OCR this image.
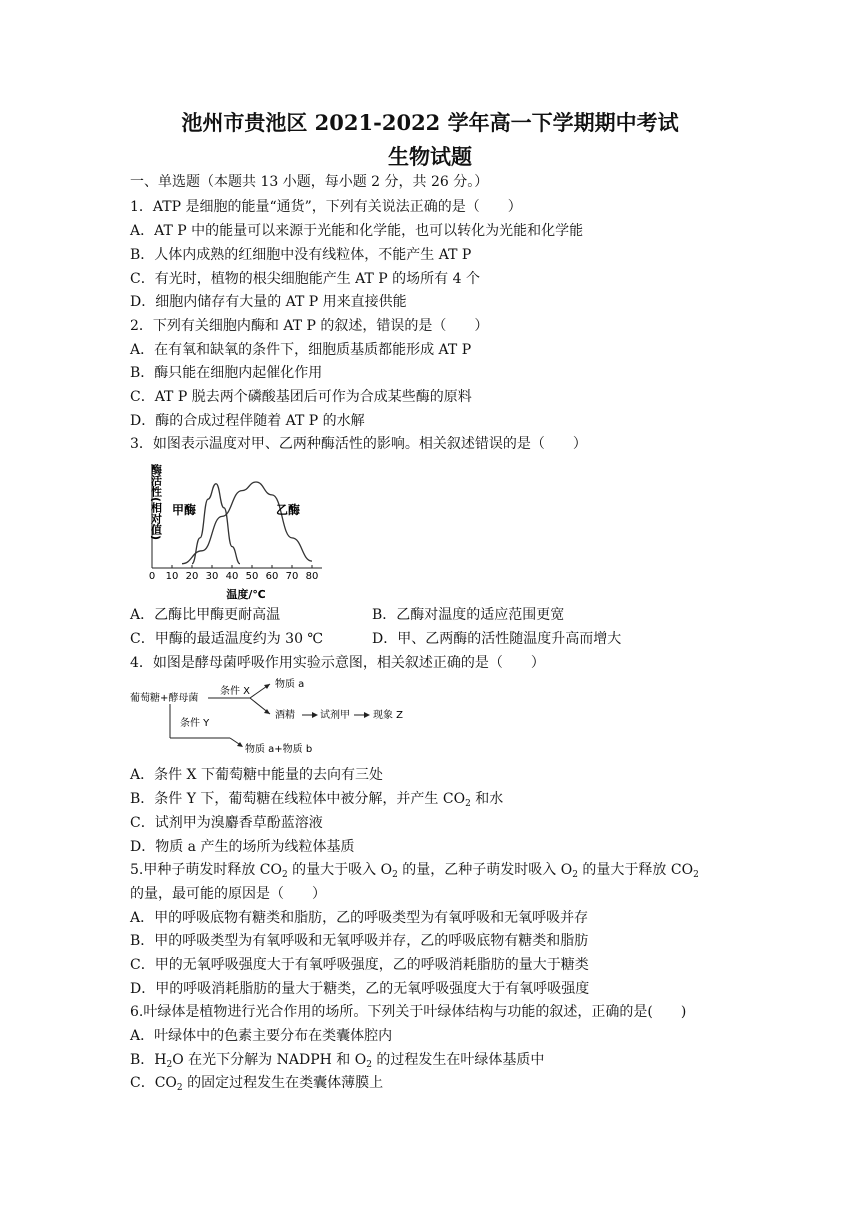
池州市贵池区 2021-2022 学年高一下学期期中考试
生物试题
一、单选题（本题共 13 小题，每小题 2 分，共 26 分。）
1．ATP 是细胞的能量“通货”，下列有关说法正确的是（　　）
A．AT P 中的能量可以来源于光能和化学能，也可以转化为光能和化学能
B．人体内成熟的红细胞中没有线粒体，不能产生 AT P
C．有光时，植物的根尖细胞能产生 AT P 的场所有 4 个
D．细胞内储存有大量的 AT P 用来直接供能
2．下列有关细胞内酶和 AT P 的叙述，错误的是（　　）
A．在有氧和缺氧的条件下，细胞质基质都能形成 AT P
B．酶只能在细胞内起催化作用
C．AT P 脱去两个磷酸基团后可作为合成某些酶的原料
D．酶的合成过程伴随着 AT P 的水解
3．如图表示温度对甲、乙两种酶活性的影响。相关叙述错误的是（　　）
0 10 20 30 40 50 60 70 80
酶活性(相对值)
温度/℃
甲酶	乙酶
A．乙酶比甲酶更耐高温	B．乙酶对温度的适应范围更宽
C．甲酶的最适温度约为 30 ℃	D．甲、乙两酶的活性随温度升高而增大
4．如图是酵母菌呼吸作用实验示意图，相关叙述正确的是（　　）
葡萄糖+酵母菌
条件 X
物质 a
酒精	试剂甲 现象 Z
条件 Y
物质 a+物质 b
A．条件 X 下葡萄糖中能量的去向有三处
B．条件 Y 下，葡萄糖在线粒体中被分解，并产生 $CO_2$ 和水
C．试剂甲为溴麝香草酚蓝溶液
D．物质 a 产生的场所为线粒体基质
5.甲种子萌发时释放 $CO_2$ 的量大于吸入 $O_2$ 的量，乙种子萌发时吸入 $O_2$ 的量大于释放 $CO_2$
的量，最可能的原因是（　　）
A．甲的呼吸底物有糖类和脂肪，乙的呼吸类型为有氧呼吸和无氧呼吸并存
B．甲的呼吸类型为有氧呼吸和无氧呼吸并存，乙的呼吸底物有糖类和脂肪
C．甲的无氧呼吸强度大于有氧呼吸强度，乙的呼吸消耗脂肪的量大于糖类
D．甲的呼吸消耗脂肪的量大于糖类，乙的无氧呼吸强度大于有氧呼吸强度
6.叶绿体是植物进行光合作用的场所。下列关于叶绿体结构与功能的叙述，正确的是(　　)
A．叶绿体中的色素主要分布在类囊体腔内
B．$H_2O$ 在光下分解为 NADPH 和 $O_2$ 的过程发生在叶绿体基质中
C．$CO_2$ 的固定过程发生在类囊体薄膜上
